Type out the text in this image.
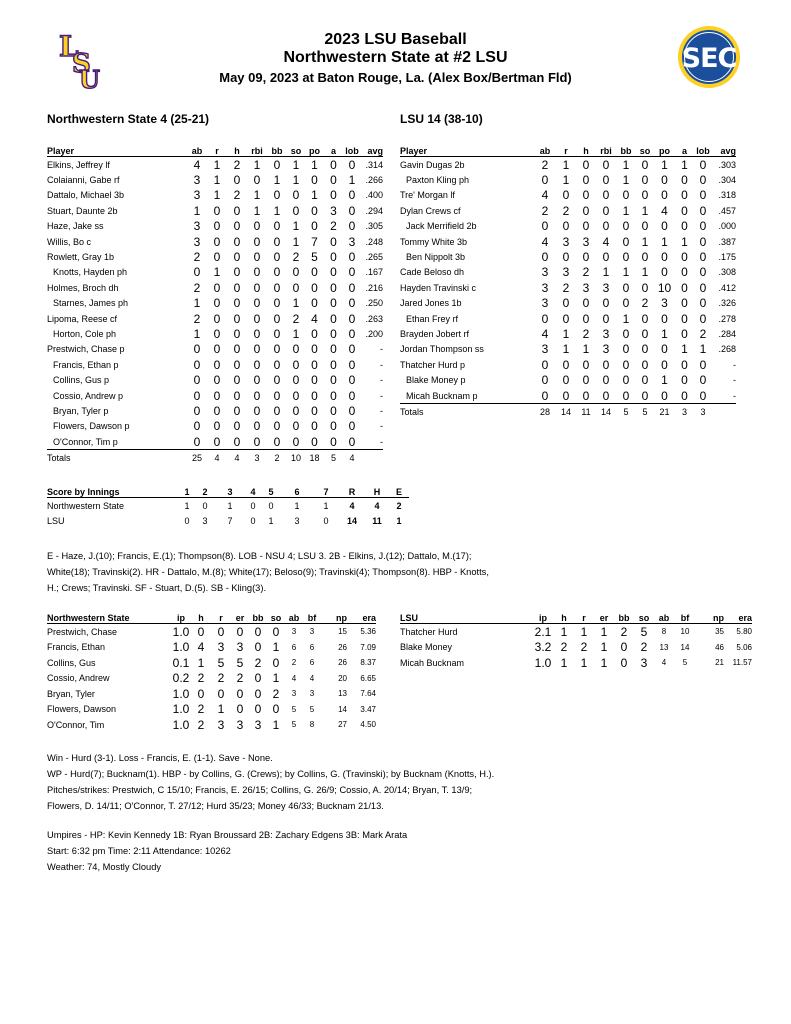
L
S
U
2023 LSU Baseball
Northwestern State at #2 LSU
May 09, 2023 at Baton Rouge, La. (Alex Box/Bertman Fld)
SEC
Northwestern State 4 (25-21)	LSU 14 (38-10)
Player	ab	r	h	rbi	bb	so	po	a	lob	avg
Elkins, Jeffrey lf	4	1	2	1	0	1	1	0	0	.314
Colaianni, Gabe rf	3	1	0	0	1	1	0	0	1	.266
Dattalo, Michael 3b	3	1	2	1	0	0	1	0	0	.400
Stuart, Daunte 2b	1	0	0	1	1	0	0	3	0	.294
Haze, Jake ss	3	0	0	0	0	1	0	2	0	.305
Willis, Bo c	3	0	0	0	0	1	7	0	3	.248
Rowlett, Gray 1b	2	0	0	0	0	2	5	0	0	.265
Knotts, Hayden ph	0	1	0	0	0	0	0	0	0	.167
Holmes, Broch dh	2	0	0	0	0	0	0	0	0	.216
Starnes, James ph	1	0	0	0	0	1	0	0	0	.250
Lipoma, Reese cf	2	0	0	0	0	2	4	0	0	.263
Horton, Cole ph	1	0	0	0	0	1	0	0	0	.200
Prestwich, Chase p	0	0	0	0	0	0	0	0	0	-
Francis, Ethan p	0	0	0	0	0	0	0	0	0	-
Collins, Gus p	0	0	0	0	0	0	0	0	0	-
Cossio, Andrew p	0	0	0	0	0	0	0	0	0	-
Bryan, Tyler p	0	0	0	0	0	0	0	0	0	-
Flowers, Dawson p	0	0	0	0	0	0	0	0	0	-
O'Connor, Tim p	0	0	0	0	0	0	0	0	0	-
Totals	25	4	4	3	2	10	18	5	4	
Player	ab	r	h	rbi	bb	so	po	a	lob	avg
Gavin Dugas 2b	2	1	0	0	1	0	1	1	0	.303
Paxton Kling ph	0	1	0	0	1	0	0	0	0	.304
Tre' Morgan lf	4	0	0	0	0	0	0	0	0	.318
Dylan Crews cf	2	2	0	0	1	1	4	0	0	.457
Jack Merrifield 2b	0	0	0	0	0	0	0	0	0	.000
Tommy White 3b	4	3	3	4	0	1	1	1	0	.387
Ben Nippolt 3b	0	0	0	0	0	0	0	0	0	.175
Cade Beloso dh	3	3	2	1	1	1	0	0	0	.308
Hayden Travinski c	3	2	3	3	0	0	10	0	0	.412
Jared Jones 1b	3	0	0	0	0	2	3	0	0	.326
Ethan Frey rf	0	0	0	0	1	0	0	0	0	.278
Brayden Jobert rf	4	1	2	3	0	0	1	0	2	.284
Jordan Thompson ss	3	1	1	3	0	0	0	1	1	.268
Thatcher Hurd p	0	0	0	0	0	0	0	0	0	-
Blake Money p	0	0	0	0	0	0	1	0	0	-
Micah Bucknam p	0	0	0	0	0	0	0	0	0	-
Totals	28	14	11	14	5	5	21	3	3	
Score by Innings	1	2	3	4	5	6	7	R	H	E
Northwestern State	1	0	1	0	0	1	1	4	4	2
LSU	0	3	7	0	1	3	0	14	11	1
E - Haze, J.(10); Francis, E.(1); Thompson(8). LOB - NSU 4; LSU 3. 2B - Elkins, J.(12); Dattalo, M.(17);
White(18); Travinski(2). HR - Dattalo, M.(8); White(17); Beloso(9); Travinski(4); Thompson(8). HBP - Knotts,
H.; Crews; Travinski. SF - Stuart, D.(5). SB - Kling(3).
Northwestern State	ip	h	r	er	bb	so	ab	bf	np	era
Prestwich, Chase	1.0	0	0	0	0	0	3	3	15	5.36
Francis, Ethan	1.0	4	3	3	0	1	6	6	26	7.09
Collins, Gus	0.1	1	5	5	2	0	2	6	26	8.37
Cossio, Andrew	0.2	2	2	2	0	1	4	4	20	6.65
Bryan, Tyler	1.0	0	0	0	0	2	3	3	13	7.64
Flowers, Dawson	1.0	2	1	0	0	0	5	5	14	3.47
O'Connor, Tim	1.0	2	3	3	3	1	5	8	27	4.50
LSU	ip	h	r	er	bb	so	ab	bf	np	era
Thatcher Hurd	2.1	1	1	1	2	5	8	10	35	5.80
Blake Money	3.2	2	2	1	0	2	13	14	46	5.06
Micah Bucknam	1.0	1	1	1	0	3	4	5	21	11.57
Win - Hurd (3-1). Loss - Francis, E. (1-1). Save - None.
WP - Hurd(7); Bucknam(1). HBP - by Collins, G. (Crews); by Collins, G. (Travinski); by Bucknam (Knotts, H.).
Pitches/strikes: Prestwich, C 15/10; Francis, E. 26/15; Collins, G. 26/9; Cossio, A. 20/14; Bryan, T. 13/9;
Flowers, D. 14/11; O'Connor, T. 27/12; Hurd 35/23; Money 46/33; Bucknam 21/13.
Umpires - HP: Kevin Kennedy 1B: Ryan Broussard 2B: Zachary Edgens 3B: Mark Arata
Start: 6:32 pm Time: 2:11 Attendance: 10262
Weather: 74, Mostly Cloudy
